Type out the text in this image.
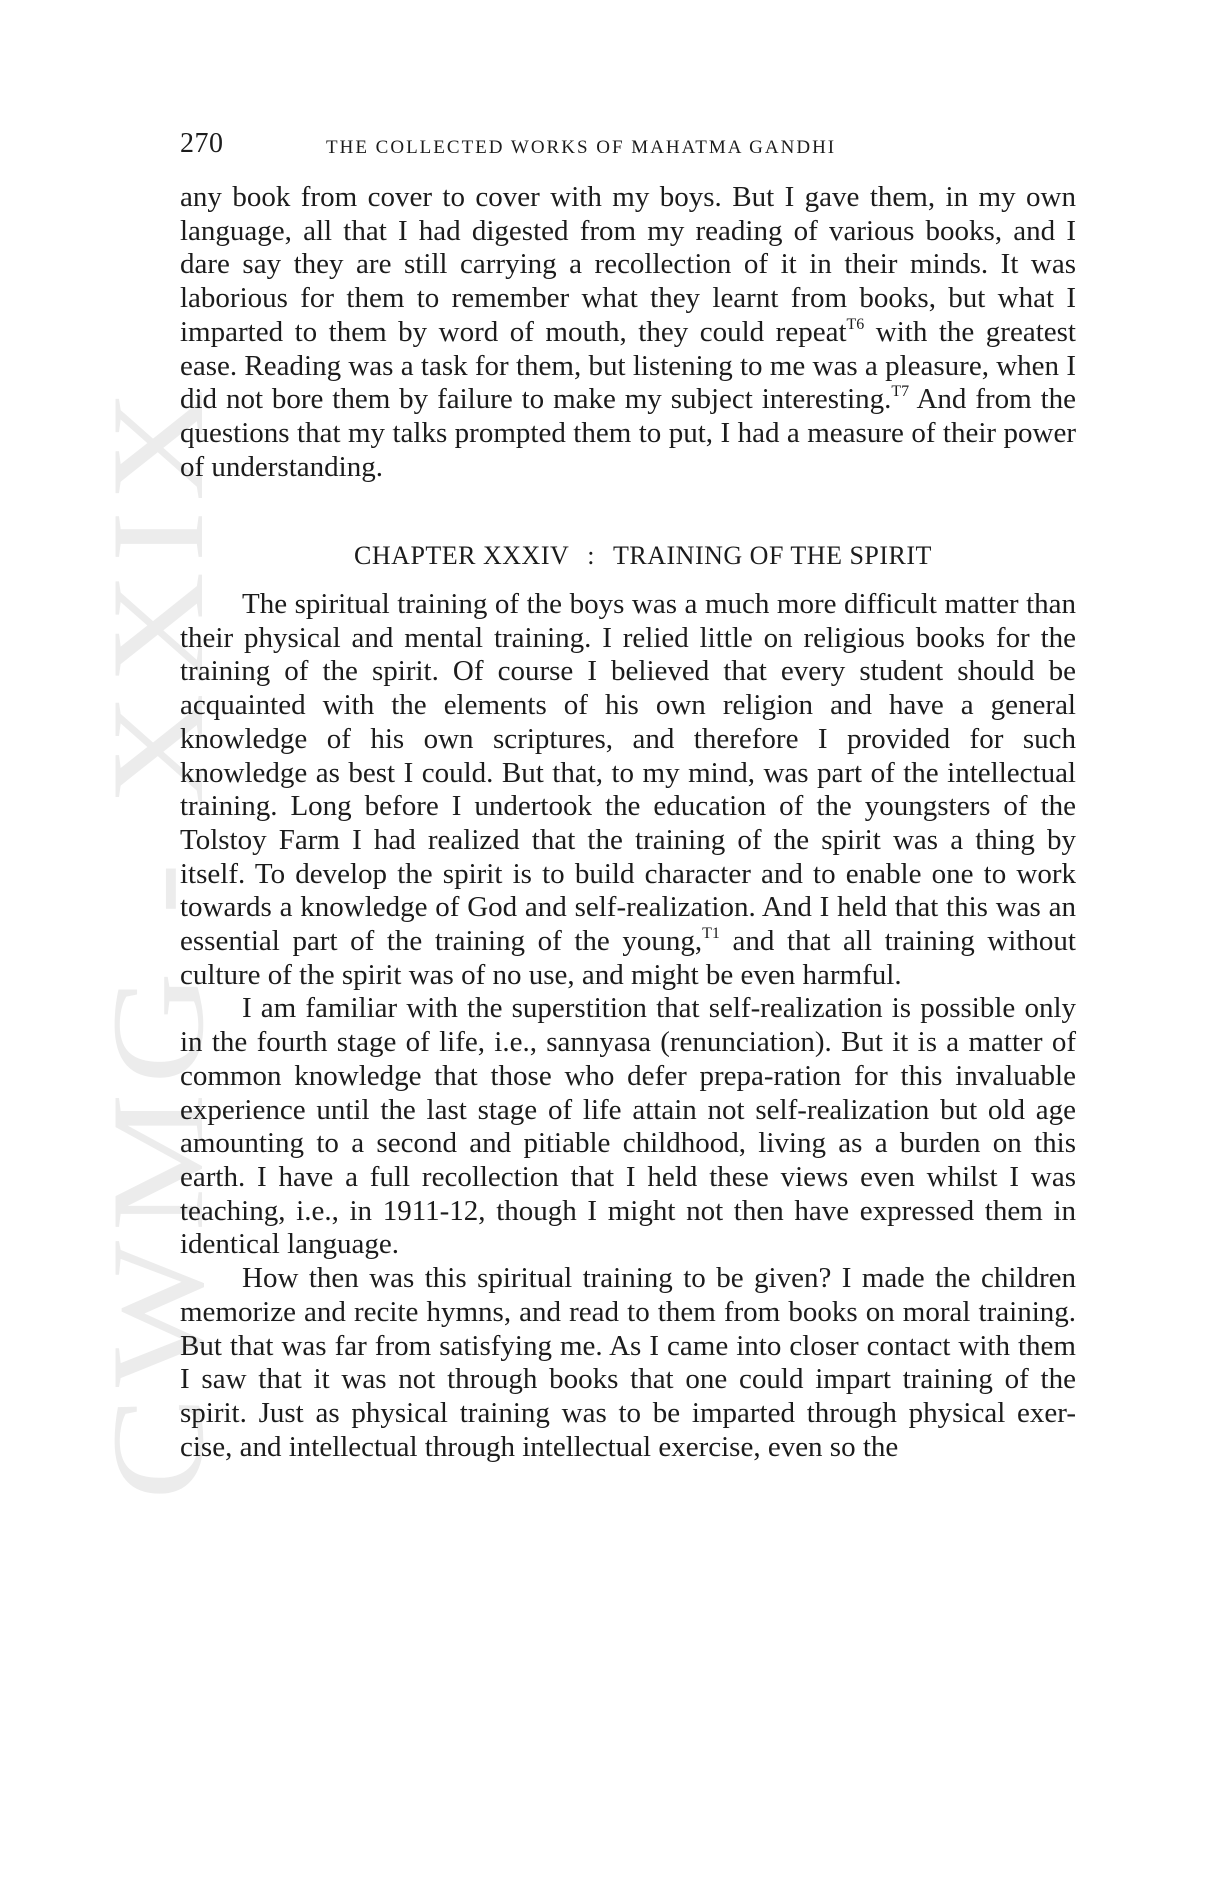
CWMG - XXIX
270	THE COLLECTED WORKS OF MAHATMA GANDHI

any book from cover to cover with my boys. But I gave them, in my own language, all that I had digested from my reading of various books, and I dare say they are still carrying a recollection of it in their minds. It was laborious for them to remember what they learnt from books, but what I imparted to them by word of mouth, they could repeat$^{T6}$ with the greatest ease. Reading was a task for them, but listening to me was a pleasure, when I did not bore them by failure to make my subject interesting.$^{T7}$ And from the questions that my talks prompted them to put, I had a measure of their power of understanding.

CHAPTER XXXIV : TRAINING OF THE SPIRIT

The spiritual training of the boys was a much more difficult matter than their physical and mental training. I relied little on religious books for the training of the spirit. Of course I believed that every student should be acquainted with the elements of his own religion and have a general knowledge of his own scriptures, and therefore I provided for such knowledge as best I could. But that, to my mind, was part of the intellectual training. Long before I undertook the education of the youngsters of the Tolstoy Farm I had realized that the training of the spirit was a thing by itself. To develop the spirit is to build character and to enable one to work towards a knowledge of God and self-realization. And I held that this was an essential part of the training of the young,$^{T1}$ and that all training without culture of the spirit was of no use, and might be even harmful.

I am familiar with the superstition that self-realization is possible only in the fourth stage of life, i.e., sannyasa (renunciation). But it is a matter of common knowledge that those who defer prepa-ration for this invaluable experience until the last stage of life attain not self-realization but old age amounting to a second and pitiable childhood, living as a burden on this earth. I have a full recollection that I held these views even whilst I was teaching, i.e., in 1911-12, though I might not then have expressed them in identical language.

How then was this spiritual training to be given? I made the children memorize and recite hymns, and read to them from books on moral training. But that was far from satisfying me. As I came into closer contact with them I saw that it was not through books that one could impart training of the spirit. Just as physical training was to be imparted through physical exer-cise, and intellectual through intellectual exercise, even so the
